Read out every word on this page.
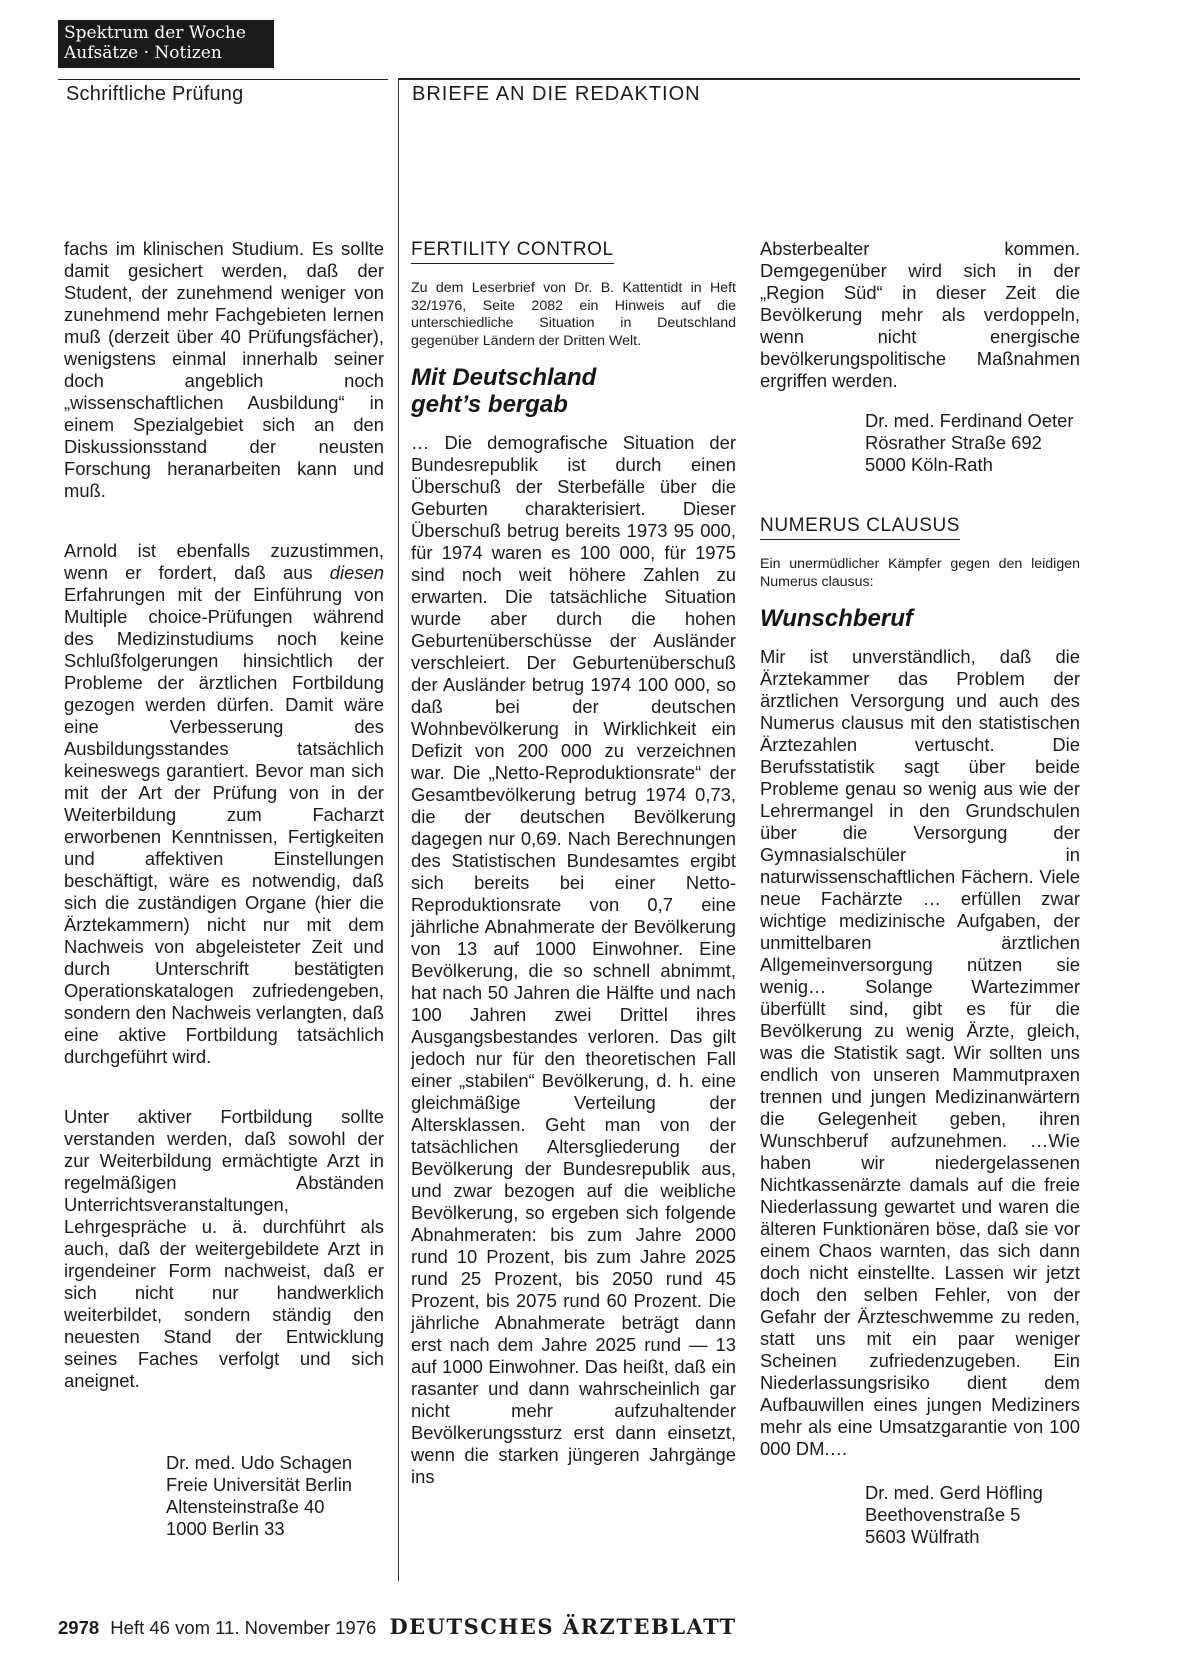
Spektrum der Woche
Aufsätze · Notizen
Schriftliche Prüfung	BRIEFE AN DIE REDAKTION

fachs im klinischen Studium. Es sollte damit gesichert werden, daß der Student, der zunehmend weniger von zunehmend mehr Fachgebieten lernen muß (derzeit über 40 Prüfungsfächer), wenigstens einmal innerhalb seiner doch angeblich noch „wissenschaftlichen Ausbildung“ in einem Spezialgebiet sich an den Diskussionsstand der neusten Forschung heranarbeiten kann und muß.

Arnold ist ebenfalls zuzustimmen, wenn er fordert, daß aus diesen Erfahrungen mit der Einführung von Multiple choice-Prüfungen während des Medizinstudiums noch keine Schlußfolgerungen hinsichtlich der Probleme der ärztlichen Fortbildung gezogen werden dürfen. Damit wäre eine Verbesserung des Ausbildungsstandes tatsächlich keineswegs garantiert. Bevor man sich mit der Art der Prüfung von in der Weiterbildung zum Facharzt erworbenen Kenntnissen, Fertigkeiten und affektiven Einstellungen beschäftigt, wäre es notwendig, daß sich die zuständigen Organe (hier die Ärztekammern) nicht nur mit dem Nachweis von abgeleisteter Zeit und durch Unterschrift bestätigten Operationskatalogen zufriedengeben, sondern den Nachweis verlangten, daß eine aktive Fortbildung tatsächlich durchgeführt wird.

Unter aktiver Fortbildung sollte verstanden werden, daß sowohl der zur Weiterbildung ermächtigte Arzt in regelmäßigen Abständen Unterrichtsveranstaltungen, Lehrgespräche u. ä. durchführt als auch, daß der weitergebildete Arzt in irgendeiner Form nachweist, daß er sich nicht nur handwerklich weiterbildet, sondern ständig den neuesten Stand der Entwicklung seines Faches verfolgt und sich aneignet.

Dr. med. Udo Schagen
Freie Universität Berlin
Altensteinstraße 40
1000 Berlin 33
FERTILITY CONTROL

Zu dem Leserbrief von Dr. B. Kattentidt in Heft 32/1976, Seite 2082 ein Hinweis auf die unterschiedliche Situation in Deutschland gegenüber Ländern der Dritten Welt.

Mit Deutschland
geht’s bergab

… Die demografische Situation der Bundesrepublik ist durch einen Überschuß der Sterbefälle über die Geburten charakterisiert. Dieser Überschuß betrug bereits 1973 95 000, für 1974 waren es 100 000, für 1975 sind noch weit höhere Zahlen zu erwarten. Die tatsächliche Situation wurde aber durch die hohen Geburtenüberschüsse der Ausländer verschleiert. Der Geburtenüberschuß der Ausländer betrug 1974 100 000, so daß bei der deutschen Wohnbevölkerung in Wirklichkeit ein Defizit von 200 000 zu verzeichnen war. Die „Netto-Reproduktionsrate“ der Gesamtbevölkerung betrug 1974 0,73, die der deutschen Bevölkerung dagegen nur 0,69. Nach Berechnungen des Statistischen Bundesamtes ergibt sich bereits bei einer Netto-Reproduktionsrate von 0,7 eine jährliche Abnahmerate der Bevölkerung von 13 auf 1000 Einwohner. Eine Bevölkerung, die so schnell abnimmt, hat nach 50 Jahren die Hälfte und nach 100 Jahren zwei Drittel ihres Ausgangsbestandes verloren. Das gilt jedoch nur für den theoretischen Fall einer „stabilen“ Bevölkerung, d. h. eine gleichmäßige Verteilung der Altersklassen. Geht man von der tatsächlichen Altersgliederung der Bevölkerung der Bundesrepublik aus, und zwar bezogen auf die weibliche Bevölkerung, so ergeben sich folgende Abnahmeraten: bis zum Jahre 2000 rund 10 Prozent, bis zum Jahre 2025 rund 25 Prozent, bis 2050 rund 45 Prozent, bis 2075 rund 60 Prozent. Die jährliche Abnahmerate beträgt dann erst nach dem Jahre 2025 rund — 13 auf 1000 Einwohner. Das heißt, daß ein rasanter und dann wahrscheinlich gar nicht mehr aufzuhaltender Bevölkerungssturz erst dann einsetzt, wenn die starken jüngeren Jahrgänge ins

Absterbealter kommen. Demgegenüber wird sich in der „Region Süd“ in dieser Zeit die Bevölkerung mehr als verdoppeln, wenn nicht energische bevölkerungspolitische Maßnahmen ergriffen werden.

Dr. med. Ferdinand Oeter
Rösrather Straße 692
5000 Köln-Rath
NUMERUS CLAUSUS

Ein unermüdlicher Kämpfer gegen den leidigen Numerus clausus:

Wunschberuf

Mir ist unverständlich, daß die Ärztekammer das Problem der ärztlichen Versorgung und auch des Numerus clausus mit den statistischen Ärztezahlen vertuscht. Die Berufsstatistik sagt über beide Probleme genau so wenig aus wie der Lehrermangel in den Grundschulen über die Versorgung der Gymnasialschüler in naturwissenschaftlichen Fächern. Viele neue Fachärzte … erfüllen zwar wichtige medizinische Aufgaben, der unmittelbaren ärztlichen Allgemeinversorgung nützen sie wenig… Solange Wartezimmer überfüllt sind, gibt es für die Bevölkerung zu wenig Ärzte, gleich, was die Statistik sagt. Wir sollten uns endlich von unseren Mammutpraxen trennen und jungen Medizinanwärtern die Gelegenheit geben, ihren Wunschberuf aufzunehmen. …Wie haben wir niedergelassenen Nichtkassenärzte damals auf die freie Niederlassung gewartet und waren die älteren Funktionären böse, daß sie vor einem Chaos warnten, das sich dann doch nicht einstellte. Lassen wir jetzt doch den selben Fehler, von der Gefahr der Ärzteschwemme zu reden, statt uns mit ein paar weniger Scheinen zufriedenzugeben. Ein Niederlassungsrisiko dient dem Aufbauwillen eines jungen Mediziners mehr als eine Umsatzgarantie von 100 000 DM.…

Dr. med. Gerd Höfling
Beethovenstraße 5
5603 Wülfrath
2978 Heft 46 vom 11. November 1976 DEUTSCHES ÄRZTEBLATT
